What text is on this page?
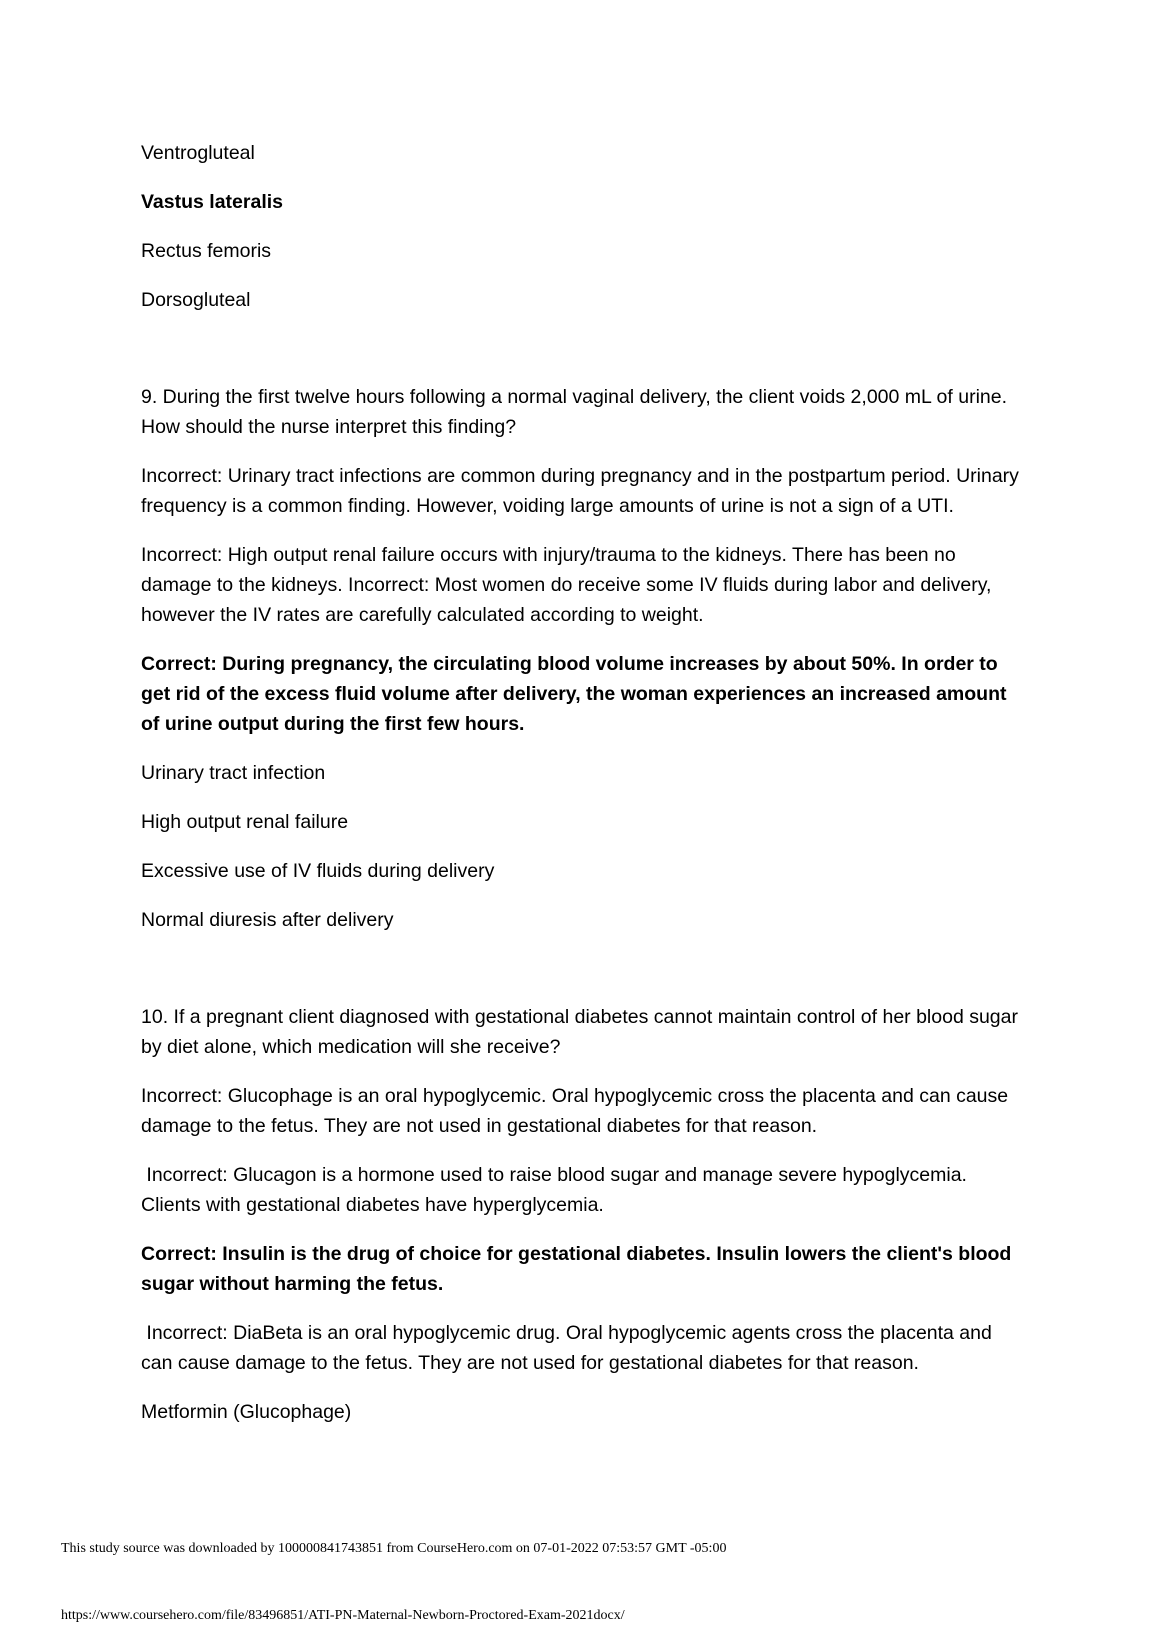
Ventrogluteal

Vastus lateralis

Rectus femoris

Dorsogluteal

9. During the first twelve hours following a normal vaginal delivery, the client voids 2,000 mL of urine. How should the nurse interpret this finding?

Incorrect: Urinary tract infections are common during pregnancy and in the postpartum period. Urinary frequency is a common finding. However, voiding large amounts of urine is not a sign of a UTI.

Incorrect: High output renal failure occurs with injury/trauma to the kidneys. There has been no damage to the kidneys. Incorrect: Most women do receive some IV fluids during labor and delivery, however the IV rates are carefully calculated according to weight.

Correct: During pregnancy, the circulating blood volume increases by about 50%. In order to get rid of the excess fluid volume after delivery, the woman experiences an increased amount of urine output during the first few hours.

Urinary tract infection

High output renal failure

Excessive use of IV fluids during delivery

Normal diuresis after delivery

10. If a pregnant client diagnosed with gestational diabetes cannot maintain control of her blood sugar by diet alone, which medication will she receive?

Incorrect: Glucophage is an oral hypoglycemic. Oral hypoglycemic cross the placenta and can cause damage to the fetus. They are not used in gestational diabetes for that reason.

Incorrect: Glucagon is a hormone used to raise blood sugar and manage severe hypoglycemia. Clients with gestational diabetes have hyperglycemia.

Correct: Insulin is the drug of choice for gestational diabetes. Insulin lowers the client's blood sugar without harming the fetus.

Incorrect: DiaBeta is an oral hypoglycemic drug. Oral hypoglycemic agents cross the placenta and can cause damage to the fetus. They are not used for gestational diabetes for that reason.

Metformin (Glucophage)

This study source was downloaded by 100000841743851 from CourseHero.com on 07-01-2022 07:53:57 GMT -05:00
https://www.coursehero.com/file/83496851/ATI-PN-Maternal-Newborn-Proctored-Exam-2021docx/
